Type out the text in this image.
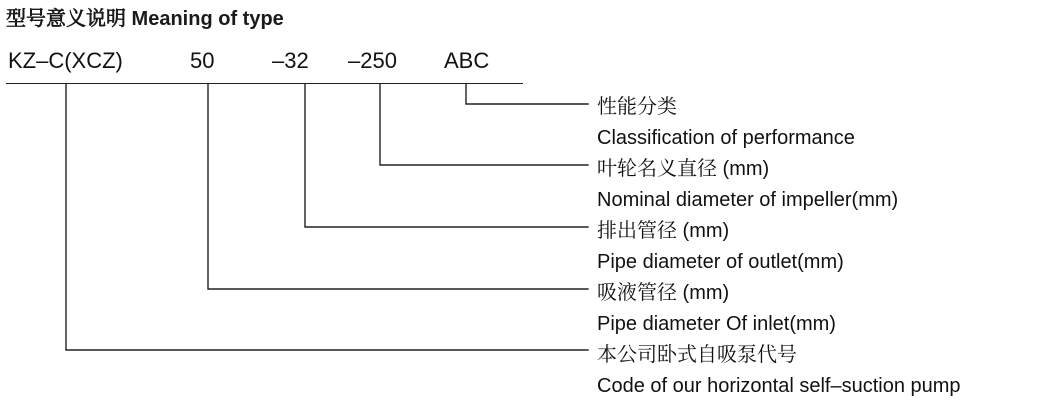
型号意义说明 Meaning of type
KZ–C(XCZ)	50	–32 –250 ABC
性能分类
Classification of performance
叶轮名义直径 (mm)
Nominal diameter of impeller(mm)
排出管径 (mm)
Pipe diameter of outlet(mm)
吸液管径 (mm)
Pipe diameter Of inlet(mm)
本公司卧式自吸泵代号
Code of our horizontal self–suction pump
